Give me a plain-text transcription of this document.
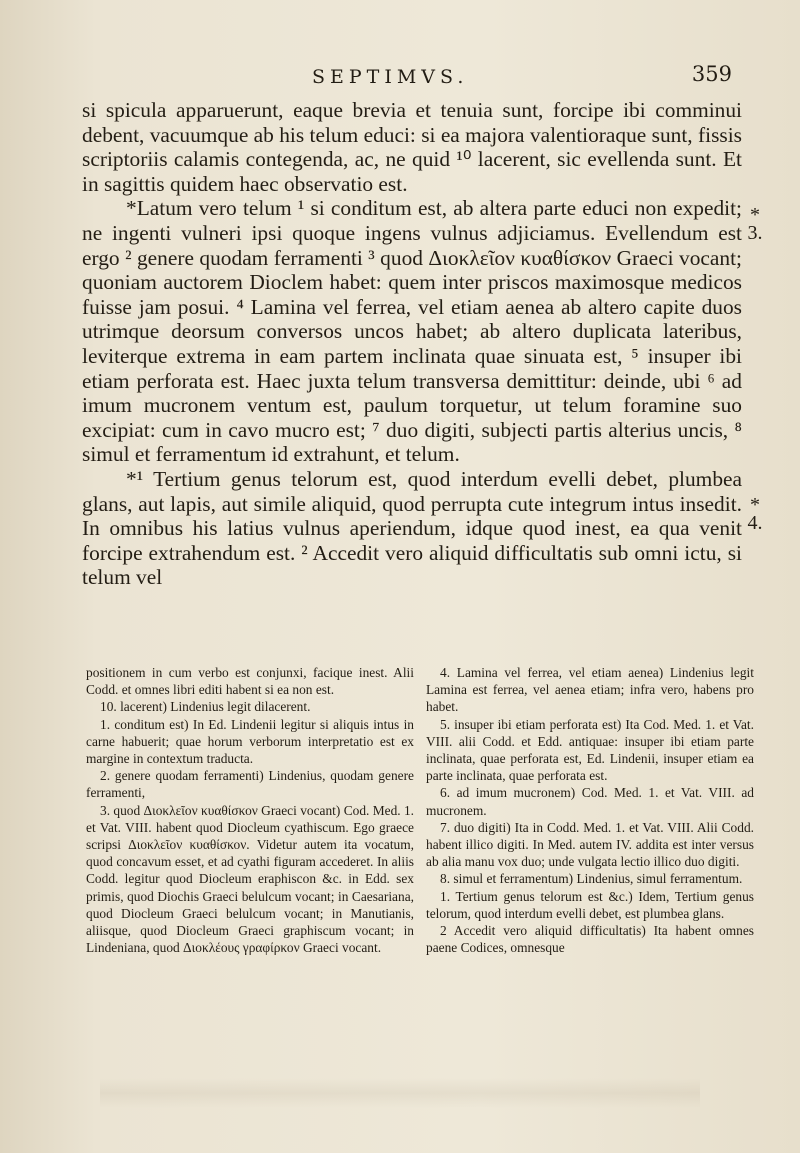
SEPTIMVS.	359

si spicula apparuerunt, eaque brevia et tenuia sunt, forcipe ibi comminui debent, vacuumque ab his telum educi: si ea majora valentioraque sunt, fissis scriptoriis calamis contegenda, ac, ne quid ¹⁰ lacerent, sic evellenda sunt. Et in sagittis quidem haec observatio est.

*Latum vero telum ¹ si conditum est, ab altera parte educi non expedit; ne ingenti vulneri ipsi quoque ingens vulnus adjiciamus. Evellendum est ergo ² genere quodam ferramenti ³ quod Διοκλεῖον κυαθίσκον Graeci vocant; quoniam auctorem Dioclem habet: quem inter priscos maximosque medicos fuisse jam posui. ⁴ Lamina vel ferrea, vel etiam aenea ab altero capite duos utrimque deorsum conversos uncos habet; ab altero duplicata lateribus, leviterque extrema in eam partem inclinata quae sinuata est, ⁵ insuper ibi etiam perforata est. Haec juxta telum transversa demittitur: deinde, ubi ⁶ ad imum mucronem ventum est, paulum torquetur, ut telum foramine suo excipiat: cum in cavo mucro est; ⁷ duo digiti, subjecti partis alterius uncis, ⁸ simul et ferramentum id extrahunt, et telum.

*¹ Tertium genus telorum est, quod interdum evelli debet, plumbea glans, aut lapis, aut simile aliquid, quod perrupta cute integrum intus insedit. In omnibus his latius vulnus aperiendum, idque quod inest, ea qua venit forcipe extrahendum est. ² Accedit vero aliquid difficultatis sub omni ictu, si telum vel

* 3.
* 4.

positionem in cum verbo est conjunxi, facique inest. Alii Codd. et omnes libri editi habent si ea non est.

10. lacerent) Lindenius legit dilacerent.

1. conditum est) In Ed. Lindenii legitur si aliquis intus in carne habuerit; quae horum verborum interpretatio est ex margine in contextum traducta.

2. genere quodam ferramenti) Lindenius, quodam genere ferramenti,

3. quod Διοκλεῖον κυαθίσκον Graeci vocant) Cod. Med. 1. et Vat. VIII. habent quod Diocleum cyathiscum. Ego graece scripsi Διοκλεῖον κυαθίσκον. Videtur autem ita vocatum, quod concavum esset, et ad cyathi figuram accederet. In aliis Codd. legitur quod Diocleum eraphiscon &c. in Edd. sex primis, quod Diochis Graeci belulcum vocant; in Caesariana, quod Diocleum Graeci belulcum vocant; in Manutianis, aliisque, quod Diocleum Graeci graphiscum vocant; in Lindeniana, quod Διοκλέους γραφίρκον Graeci vocant.

4. Lamina vel ferrea, vel etiam aenea) Lindenius legit Lamina est ferrea, vel aenea etiam; infra vero, habens pro habet.

5. insuper ibi etiam perforata est) Ita Cod. Med. 1. et Vat. VIII. alii Codd. et Edd. antiquae: insuper ibi etiam parte inclinata, quae perforata est, Ed. Lindenii, insuper etiam ea parte inclinata, quae perforata est.

6. ad imum mucronem) Cod. Med. 1. et Vat. VIII. ad mucronem.

7. duo digiti) Ita in Codd. Med. 1. et Vat. VIII. Alii Codd. habent illico digiti. In Med. autem IV. addita est inter versus ab alia manu vox duo; unde vulgata lectio illico duo digiti.

8. simul et ferramentum) Lindenius, simul ferramentum.

1. Tertium genus telorum est &c.) Idem, Tertium genus telorum, quod interdum evelli debet, est plumbea glans.

2 Accedit vero aliquid difficultatis) Ita habent omnes paene Codices, omnesque
